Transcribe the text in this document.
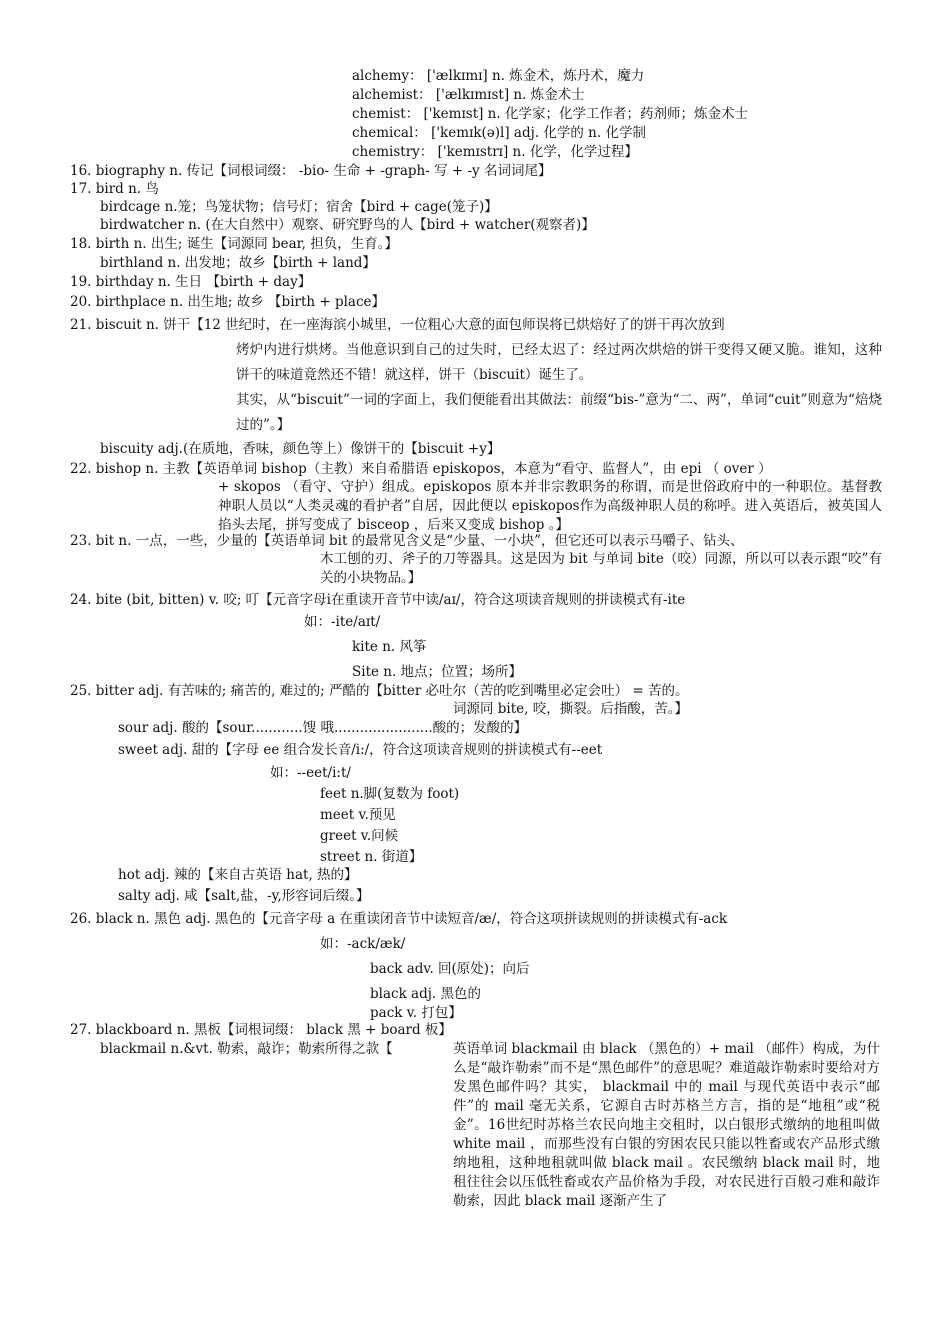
alchemy： ['ælkɪmɪ] n. 炼金术，炼丹术，魔力
alchemist： ['ælkɪmɪst] n. 炼金术士
chemist： ['kemɪst] n. 化学家；化学工作者；药剂师；炼金术士
chemical： ['kemɪk(ə)l] adj. 化学的 n. 化学制
chemistry： ['kemɪstrɪ] n. 化学，化学过程】
16. biography n. 传记【词根词缀： -bio- 生命 + -graph- 写 + -y 名词词尾】
17. bird n. 鸟
birdcage n.笼；鸟笼状物；信号灯；宿舍【bird + cage(笼子)】
birdwatcher n. (在大自然中）观察、研究野鸟的人【bird + watcher(观察者)】
18. birth n. 出生; 诞生【词源同 bear, 担负，生育。】
birthland n. 出发地；故乡【birth + land】
19. birthday n. 生日 【birth + day】
20. birthplace n. 出生地; 故乡 【birth + place】
21. biscuit n. 饼干【12 世纪时，在一座海滨小城里，一位粗心大意的面包师误将已烘焙好了的饼干再次放到

烤炉内进行烘烤。当他意识到自己的过失时，已经太迟了：经过两次烘焙的饼干变得又硬又脆。谁知，这种饼干的味道竟然还不错！就这样，饼干（biscuit）诞生了。

其实，从“biscuit”一词的字面上，我们便能看出其做法：前缀“bis-”意为“二、两”，单词“cuit”则意为“焙烧过的”。】

biscuity adj.(在质地，香味，颜色等上）像饼干的【biscuit +y】
22. bishop n. 主教【英语单词 bishop（主教）来自希腊语 episkopos，本意为“看守、监督人”，由 epi （ over ）
+ skopos （看守、守护）组成。episkopos 原本并非宗教职务的称谓，而是世俗政府中的一种职位。基督教神职人员以“人类灵魂的看护者”自居，因此便以 episkopos作为高级神职人员的称呼。进入英语后，被英国人掐头去尾，拼写变成了 bisceop ，后来又变成 bishop 。】
23. bit n. 一点，一些，少量的【英语单词 bit 的最常见含义是“少量、一小块”，但它还可以表示马嚼子、钻头、
木工刨的刃、斧子的刀等器具。这是因为 bit 与单词 bite（咬）同源，所以可以表示跟“咬”有关的小块物品。】
24. bite (bit, bitten) v. 咬; 叮【元音字母i在重读开音节中读/aɪ/，符合这项读音规则的拼读模式有-ite
如：-ite/aɪt/
kite n. 风筝
Site n. 地点；位置；场所】
25. bitter adj. 有苦味的; 痛苦的, 难过的; 严酷的【bitter 必吐尔（苦的吃到嘴里必定会吐） = 苦的。
词源同 bite, 咬，撕裂。后指酸，苦。】
sour adj. 酸的【sour............馊 哦.......................酸的；发酸的】
sweet adj. 甜的【字母 ee 组合发长音/i:/，符合这项读音规则的拼读模式有--eet
如：--eet/i:t/
feet n.脚(复数为 foot)
meet v.预见
greet v.问候
street n. 街道】
hot adj. 辣的【来自古英语 hat, 热的】
salty adj. 咸【salt,盐，-y,形容词后缀。】
26. black n. 黑色 adj. 黑色的【元音字母 a 在重读闭音节中读短音/æ/，符合这项拼读规则的拼读模式有-ack
如：-ack/æk/
back adv. 回(原处)；向后
black adj. 黑色的
pack v. 打包】
27. blackboard n. 黑板【词根词缀： black 黑 + board 板】
blackmail n.&vt. 勒索，敲诈；勒索所得之款【	英语单词 blackmail 由 black （黑色的）+ mail （邮件）构成，为什么是“敲诈勒索”而不是“黑色邮件”的意思呢？难道敲诈勒索时要给对方发黑色邮件吗？其实， blackmail 中的 mail 与现代英语中表示“邮件”的 mail 毫无关系，它源自古时苏格兰方言，指的是“地租”或“税金”。16世纪时苏格兰农民向地主交租时，以白银形式缴纳的地租叫做 white mail ，而那些没有白银的穷困农民只能以牲畜或农产品形式缴纳地租，这种地租就叫做 black mail 。农民缴纳 black mail 时，地租往往会以压低牲畜或农产品价格为手段，对农民进行百般刁难和敲诈勒索，因此 black mail 逐渐产生了
